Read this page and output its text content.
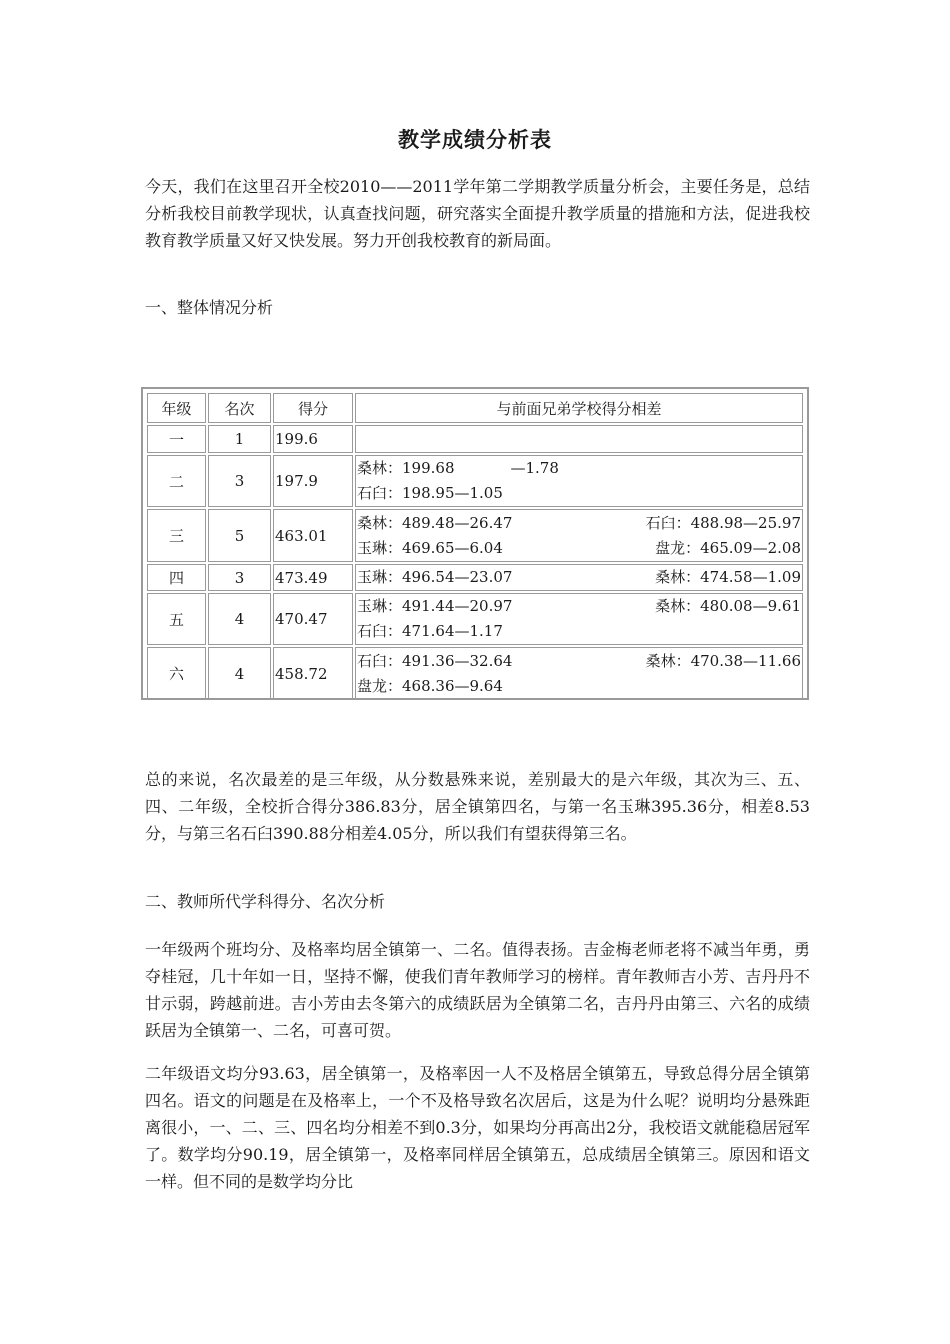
教学成绩分析表

今天，我们在这里召开全校2010——2011学年第二学期教学质量分析会，主要任务是，总结分析我校目前教学现状，认真查找问题，研究落实全面提升教学质量的措施和方法，促进我校教育教学质量又好又快发展。努力开创我校教育的新局面。

一、整体情况分析

年级	名次	得分	与前面兄弟学校得分相差
一	1	199.6	
二	3	197.9	桑林：199.68 —1.78
石臼：198.95—1.05

三	5	463.01	桑林：489.48—26.47 石臼：488.98—25.97
玉琳：469.65—6.04 盘龙：465.09—2.08

四	3	473.49	玉琳：496.54—23.07 桑林：474.58—1.09

五	4	470.47	玉琳：491.44—20.97 桑林：480.08—9.61
石臼：471.64—1.17

六	4	458.72	石臼：491.36—32.64 桑林：470.38—11.66
盘龙：468.36—9.64

总的来说，名次最差的是三年级，从分数悬殊来说，差别最大的是六年级，其次为三、五、四、二年级，全校折合得分386.83分，居全镇第四名，与第一名玉琳395.36分，相差8.53分，与第三名石臼390.88分相差4.05分，所以我们有望获得第三名。

二、教师所代学科得分、名次分析

一年级两个班均分、及格率均居全镇第一、二名。值得表扬。吉金梅老师老将不减当年勇，勇夺桂冠，几十年如一日，坚持不懈，使我们青年教师学习的榜样。青年教师吉小芳、吉丹丹不甘示弱，跨越前进。吉小芳由去冬第六的成绩跃居为全镇第二名，吉丹丹由第三、六名的成绩跃居为全镇第一、二名，可喜可贺。

二年级语文均分93.63，居全镇第一，及格率因一人不及格居全镇第五，导致总得分居全镇第四名。语文的问题是在及格率上，一个不及格导致名次居后，这是为什么呢？说明均分悬殊距离很小，一、二、三、四名均分相差不到0.3分，如果均分再高出2分，我校语文就能稳居冠军了。数学均分90.19，居全镇第一，及格率同样居全镇第五，总成绩居全镇第三。原因和语文一样。但不同的是数学均分比
